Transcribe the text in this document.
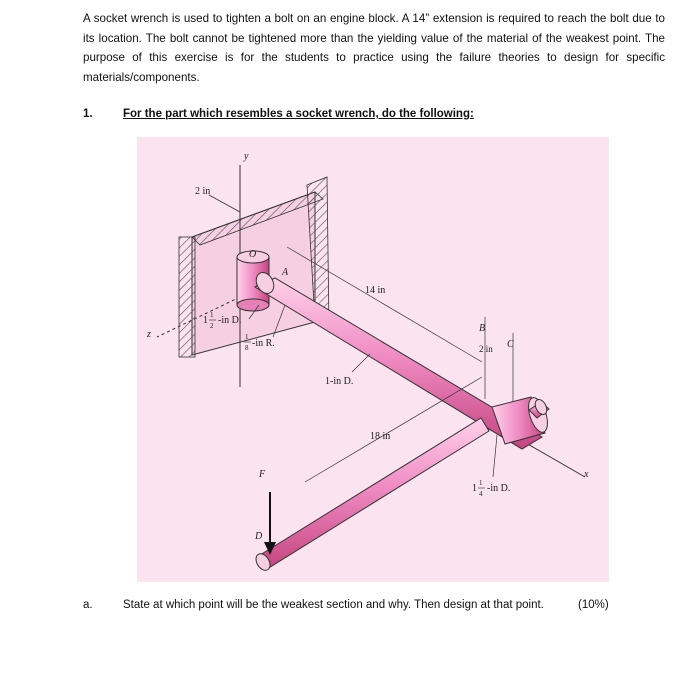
A socket wrench is used to tighten a bolt on an engine block. A 14” extension is required to reach the bolt due to its location. The bolt cannot be tightened more than the yielding value of the material of the weakest point. The purpose of this exercise is for the students to practice using the failure theories to design for specific materials/components.
1.	For the part which resembles a socket wrench, do the following:
y
x
z
2 in
O
A
14 in
B
C
2 in
18 in
1 1
2 -in D.
1
8 -in R.
1-in D.
1 1
4 -in D.
F
D
a.	State at which point will be the weakest section and why. Then design at that point.	(10%)
